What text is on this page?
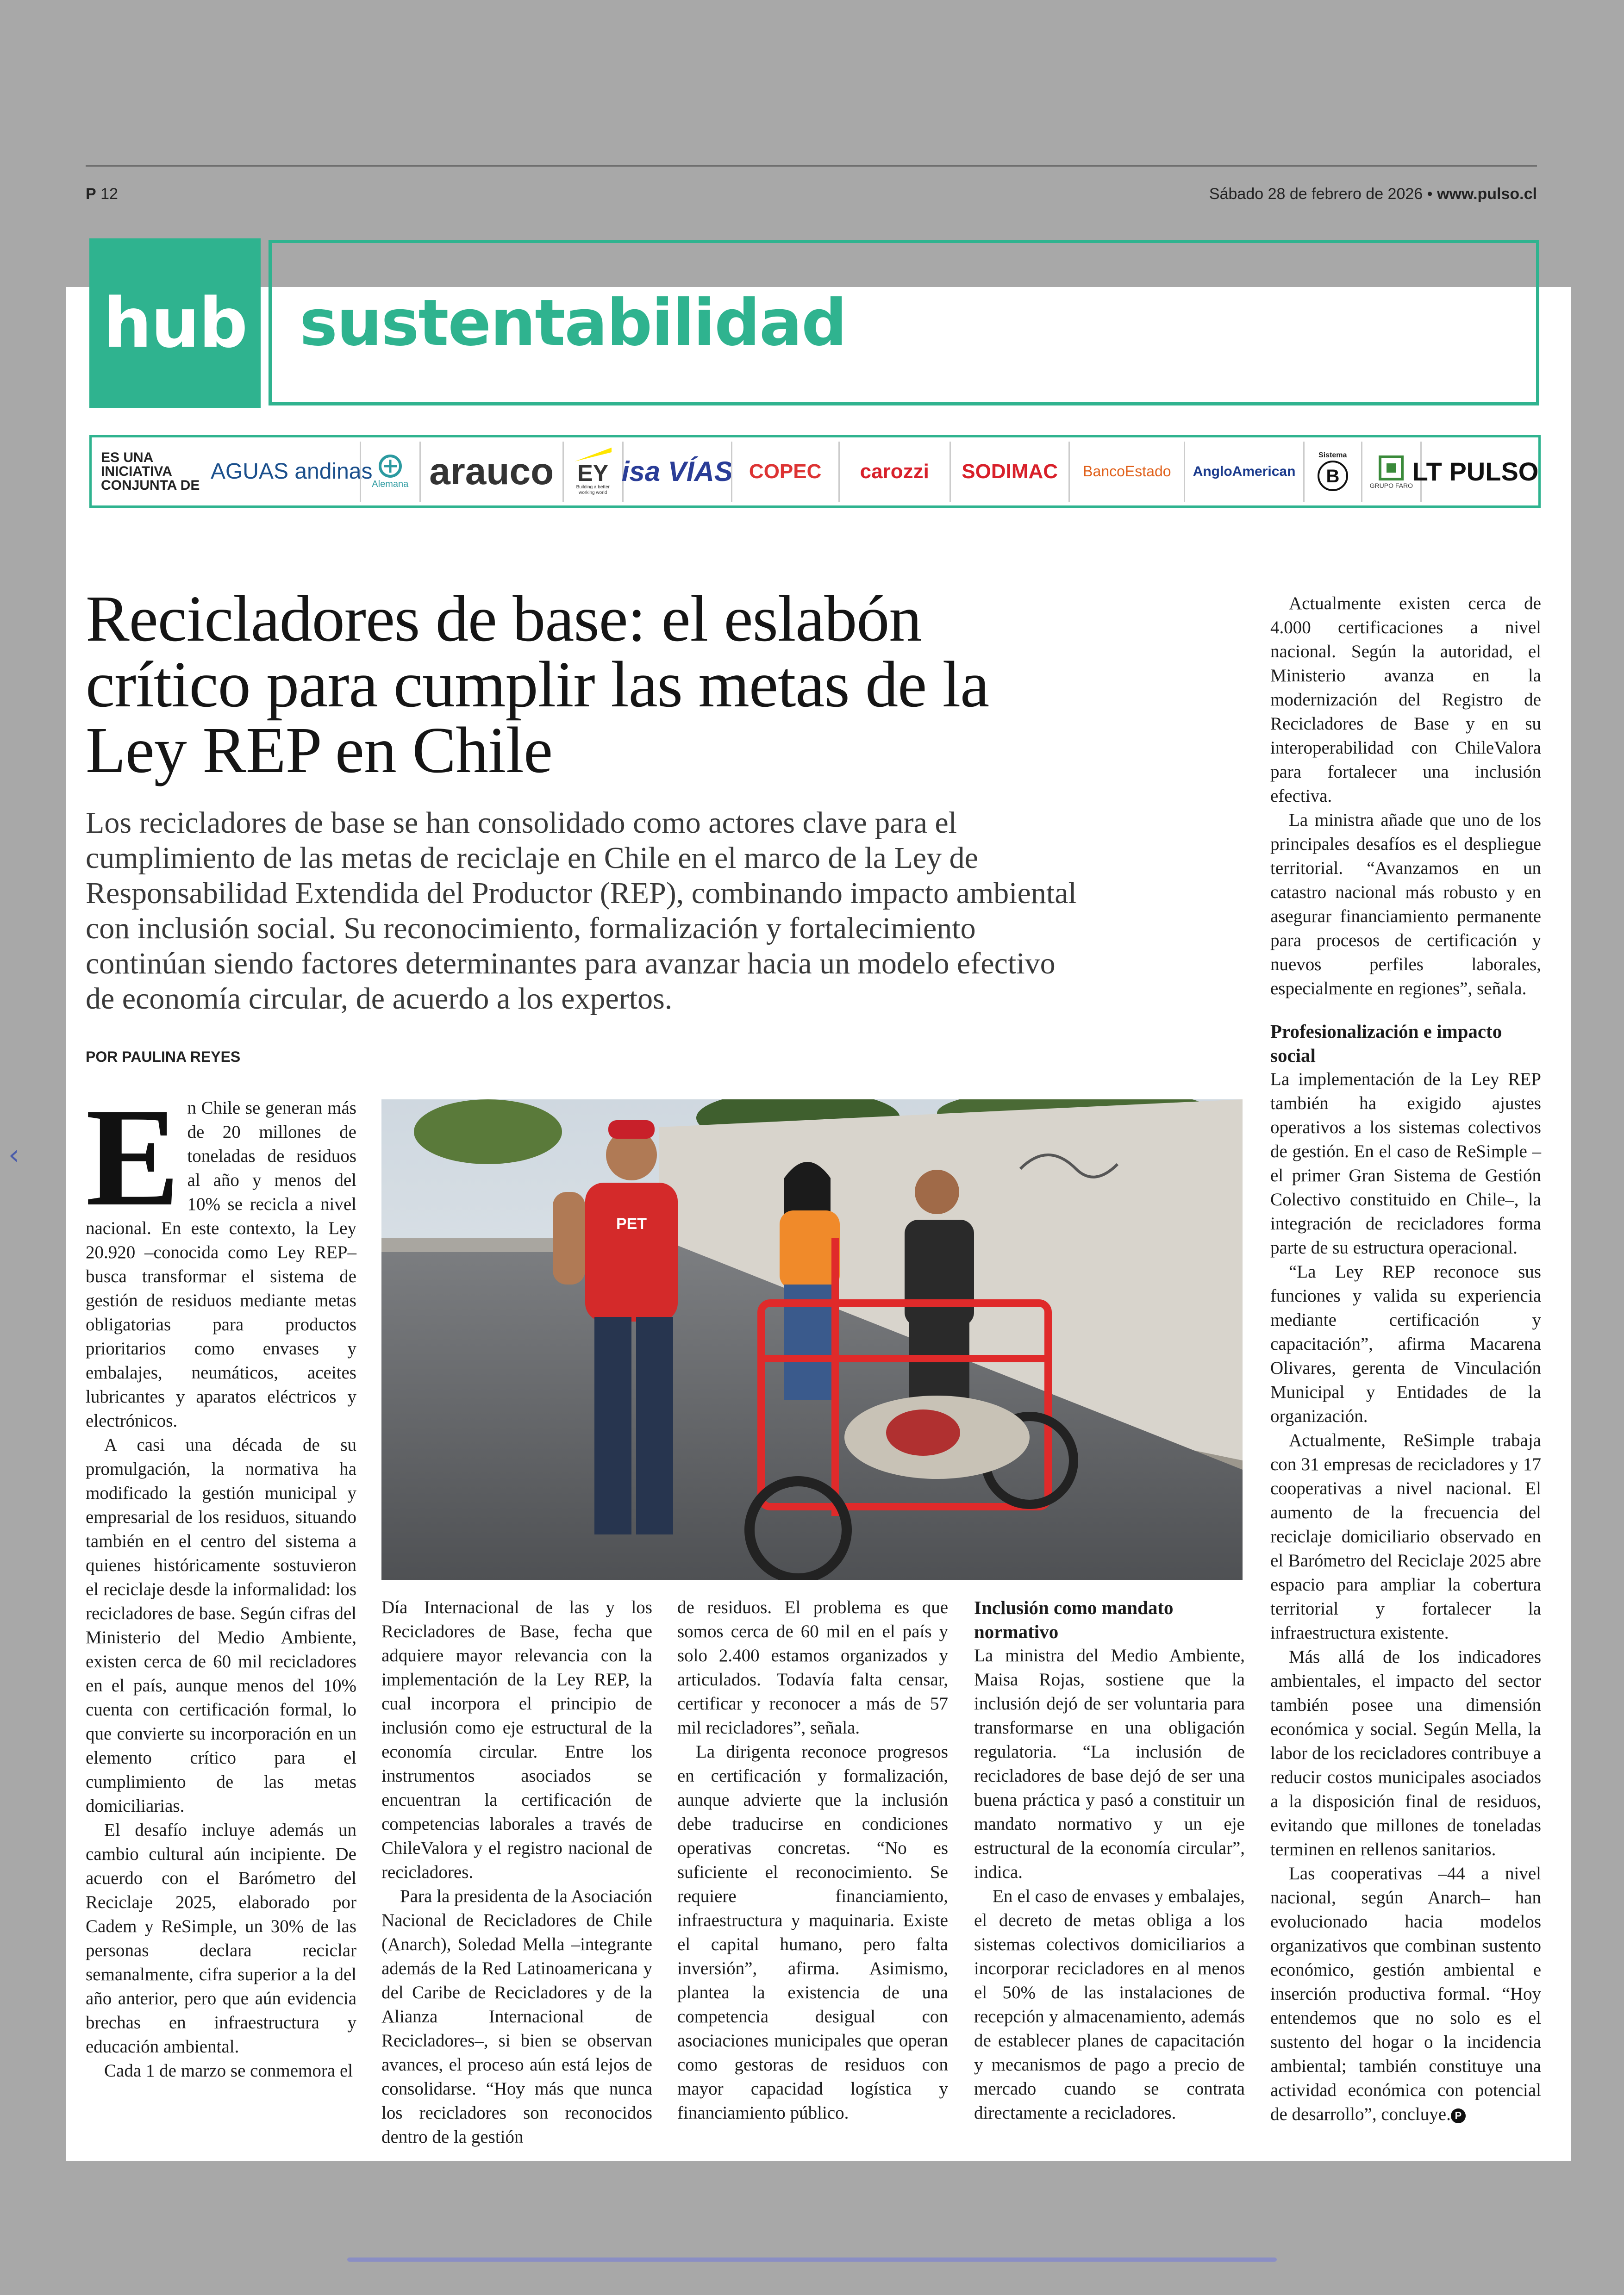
P 12	Sábado 28 de febrero de 2026 • www.pulso.cl
hub sustentabilidad
ES UNA INICIATIVA CONJUNTA DE
AGUAS andinas
Alemana arauco EY
Building a better working world
isa VÍAS COPEC carozzi SODIMAC BancoEstado AngloAmerican
Sistema
B	GRUPO FARO
LT PULSO
Recicladores de base: el eslabón crítico para cumplir las metas de la Ley REP en Chile

Los recicladores de base se han consolidado como actores clave para el cumplimiento de las metas de reciclaje en Chile en el marco de la Ley de Responsabilidad Extendida del Productor (REP), combinando impacto ambiental con inclusión social. Su reconocimiento, formalización y fortalecimiento continúan siendo factores determinantes para avanzar hacia un modelo efectivo de economía circular, de acuerdo a los expertos.

POR PAULINA REYES
PET
E n Chile se generan más de 20 millones de toneladas de residuos al año y menos del 10% se recicla a nivel nacional. En este contexto, la Ley 20.920 –conocida como Ley REP– busca transformar el sistema de gestión de residuos mediante metas obligatorias para productos prioritarios como envases y embalajes, neumáticos, aceites lubricantes y aparatos eléctricos y electrónicos.

A casi una década de su promulgación, la normativa ha modificado la gestión municipal y empresarial de los residuos, situando también en el centro del sistema a quienes históricamente sostuvieron el reciclaje desde la informalidad: los recicladores de base. Según cifras del Ministerio del Medio Ambiente, existen cerca de 60 mil recicladores en el país, aunque menos del 10% cuenta con certificación formal, lo que convierte su incorporación en un elemento crítico para el cumplimiento de las metas domiciliarias.

El desafío incluye además un cambio cultural aún incipiente. De acuerdo con el Barómetro del Reciclaje 2025, elaborado por Cadem y ReSimple, un 30% de las personas declara reciclar semanalmente, cifra superior a la del año anterior, pero que aún evidencia brechas en infraestructura y educación ambiental.

Cada 1 de marzo se conmemora el

Día Internacional de las y los Recicladores de Base, fecha que adquiere mayor relevancia con la implementación de la Ley REP, la cual incorpora el principio de inclusión como eje estructural de la economía circular. Entre los instrumentos asociados se encuentran la certificación de competencias laborales a través de ChileValora y el registro nacional de recicladores.

Para la presidenta de la Asociación Nacional de Recicladores de Chile (Anarch), Soledad Mella –integrante además de la Red Latinoamericana y del Caribe de Recicladores y de la Alianza Internacional de Recicladores–, si bien se observan avances, el proceso aún está lejos de consolidarse. “Hoy más que nunca los recicladores son reconocidos dentro de la gestión

de residuos. El problema es que somos cerca de 60 mil en el país y solo 2.400 estamos organizados y articulados. Todavía falta censar, certificar y reconocer a más de 57 mil recicladores”, señala.

La dirigenta reconoce progresos en certificación y formalización, aunque advierte que la inclusión debe traducirse en condiciones operativas concretas. “No es suficiente el reconocimiento. Se requiere financiamiento, infraestructura y maquinaria. Existe el capital humano, pero falta inversión”, afirma. Asimismo, plantea la existencia de una competencia desigual con asociaciones municipales que operan como gestoras de residuos con mayor capacidad logística y financiamiento público.

Inclusión como mandato normativo

La ministra del Medio Ambiente, Maisa Rojas, sostiene que la inclusión dejó de ser voluntaria para transformarse en una obligación regulatoria. “La inclusión de recicladores de base dejó de ser una buena práctica y pasó a constituir un mandato normativo y un eje estructural de la economía circular”, indica.

En el caso de envases y embalajes, el decreto de metas obliga a los sistemas colectivos domiciliarios a incorporar recicladores en al menos el 50% de las instalaciones de recepción y almacenamiento, además de establecer planes de capacitación y mecanismos de pago a precio de mercado cuando se contrata directamente a recicladores.

Actualmente existen cerca de 4.000 certificaciones a nivel nacional. Según la autoridad, el Ministerio avanza en la modernización del Registro de Recicladores de Base y en su interoperabilidad con ChileValora para fortalecer una inclusión efectiva.

La ministra añade que uno de los principales desafíos es el despliegue territorial. “Avanzamos en un catastro nacional más robusto y en asegurar financiamiento permanente para procesos de certificación y nuevos perfiles laborales, especialmente en regiones”, señala.

Profesionalización e impacto social

La implementación de la Ley REP también ha exigido ajustes operativos a los sistemas colectivos de gestión. En el caso de ReSimple –el primer Gran Sistema de Gestión Colectivo constituido en Chile–, la integración de recicladores forma parte de su estructura operacional.

“La Ley REP reconoce sus funciones y valida su experiencia mediante certificación y capacitación”, afirma Macarena Olivares, gerenta de Vinculación Municipal y Entidades de la organización.

Actualmente, ReSimple trabaja con 31 empresas de recicladores y 17 cooperativas a nivel nacional. El aumento de la frecuencia del reciclaje domiciliario observado en el Barómetro del Reciclaje 2025 abre espacio para ampliar la cobertura territorial y fortalecer la infraestructura existente.

Más allá de los indicadores ambientales, el impacto del sector también posee una dimensión económica y social. Según Mella, la labor de los recicladores contribuye a reducir costos municipales asociados a la disposición final de residuos, evitando que millones de toneladas terminen en rellenos sanitarios.

Las cooperativas –44 a nivel nacional, según Anarch– han evolucionado hacia modelos organizativos que combinan sustento económico, gestión ambiental e inserción productiva formal. “Hoy entendemos que no solo es el sustento del hogar o la incidencia ambiental; también constituye una actividad económica con potencial de desarrollo”, concluye. P

‹
